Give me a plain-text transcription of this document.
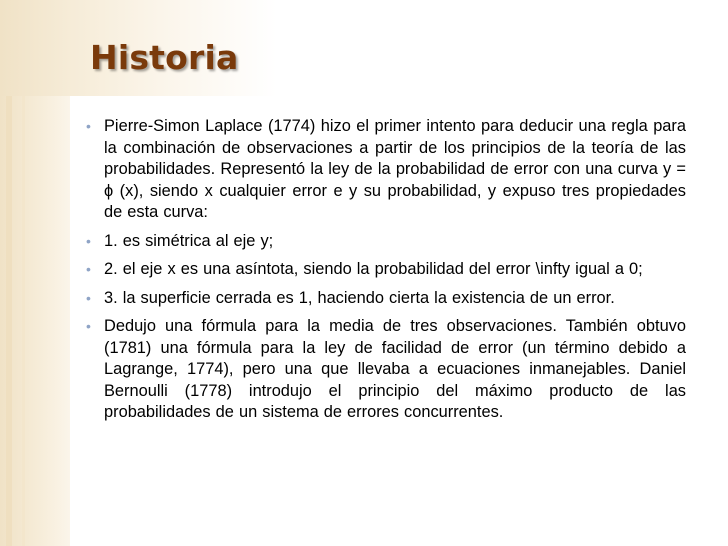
Historia
• Pierre-Simon Laplace (1774) hizo el primer intento para deducir una regla para la combinación de observaciones a partir de los principios de la teoría de las probabilidades. Representó la ley de la probabilidad de error con una curva y = ϕ (x), siendo x cualquier error e y su probabilidad, y expuso tres propiedades de esta curva:
• 1. es simétrica al eje y;
• 2. el eje x es una asíntota, siendo la probabilidad del error \infty igual a 0;
• 3. la superficie cerrada es 1, haciendo cierta la existencia de un error.
• Dedujo una fórmula para la media de tres observaciones. También obtuvo (1781) una fórmula para la ley de facilidad de error (un término debido a Lagrange, 1774), pero una que llevaba a ecuaciones inmanejables. Daniel Bernoulli (1778) introdujo el principio del máximo producto de las probabilidades de un sistema de errores concurrentes.
